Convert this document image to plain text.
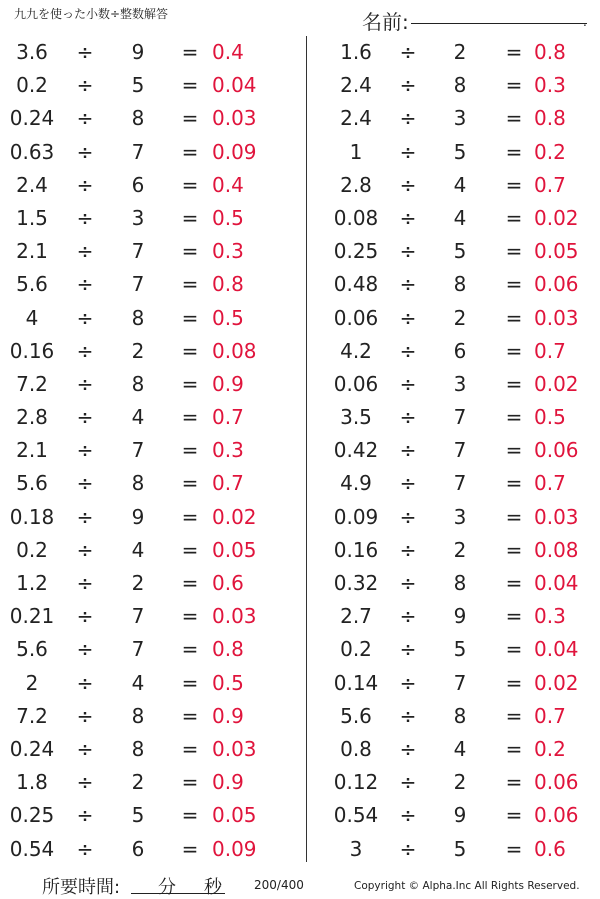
九九を使った小数÷整数解答	名前:	.
3.6	÷ 9 = 0.4
0.2	÷ 5 = 0.04
0.24	÷ 8 = 0.03
0.63	÷ 7 = 0.09
2.4	÷ 6 = 0.4
1.5	÷ 3 = 0.5
2.1	÷ 7 = 0.3
5.6	÷ 7 = 0.8
4	÷ 8 = 0.5
0.16	÷ 2 = 0.08
7.2	÷ 8 = 0.9
2.8	÷ 4 = 0.7
2.1	÷ 7 = 0.3
5.6	÷ 8 = 0.7
0.18	÷ 9 = 0.02
0.2	÷ 4 = 0.05
1.2	÷ 2 = 0.6
0.21	÷ 7 = 0.03
5.6	÷ 7 = 0.8
2	÷ 4 = 0.5
7.2	÷ 8 = 0.9
0.24	÷ 8 = 0.03
1.8	÷ 2 = 0.9
0.25	÷ 5 = 0.05
0.54	÷ 6 = 0.09
1.6	÷ 2 = 0.8
2.4	÷ 8 = 0.3
2.4	÷ 3 = 0.8
1	÷ 5 = 0.2
2.8	÷ 4 = 0.7
0.08	÷ 4 = 0.02
0.25	÷ 5 = 0.05
0.48	÷ 8 = 0.06
0.06	÷ 2 = 0.03
4.2	÷ 6 = 0.7
0.06	÷ 3 = 0.02
3.5	÷ 7 = 0.5
0.42	÷ 7 = 0.06
4.9	÷ 7 = 0.7
0.09	÷ 3 = 0.03
0.16	÷ 2 = 0.08
0.32	÷ 8 = 0.04
2.7	÷ 9 = 0.3
0.2	÷ 5 = 0.04
0.14	÷ 7 = 0.02
5.6	÷ 8 = 0.7
0.8	÷ 4 = 0.2
0.12	÷ 2 = 0.06
0.54	÷ 9 = 0.06
3	÷ 5 = 0.6
所要時間: 分 秒	200/400	Copyright © Alpha.Inc All Rights Reserved.
